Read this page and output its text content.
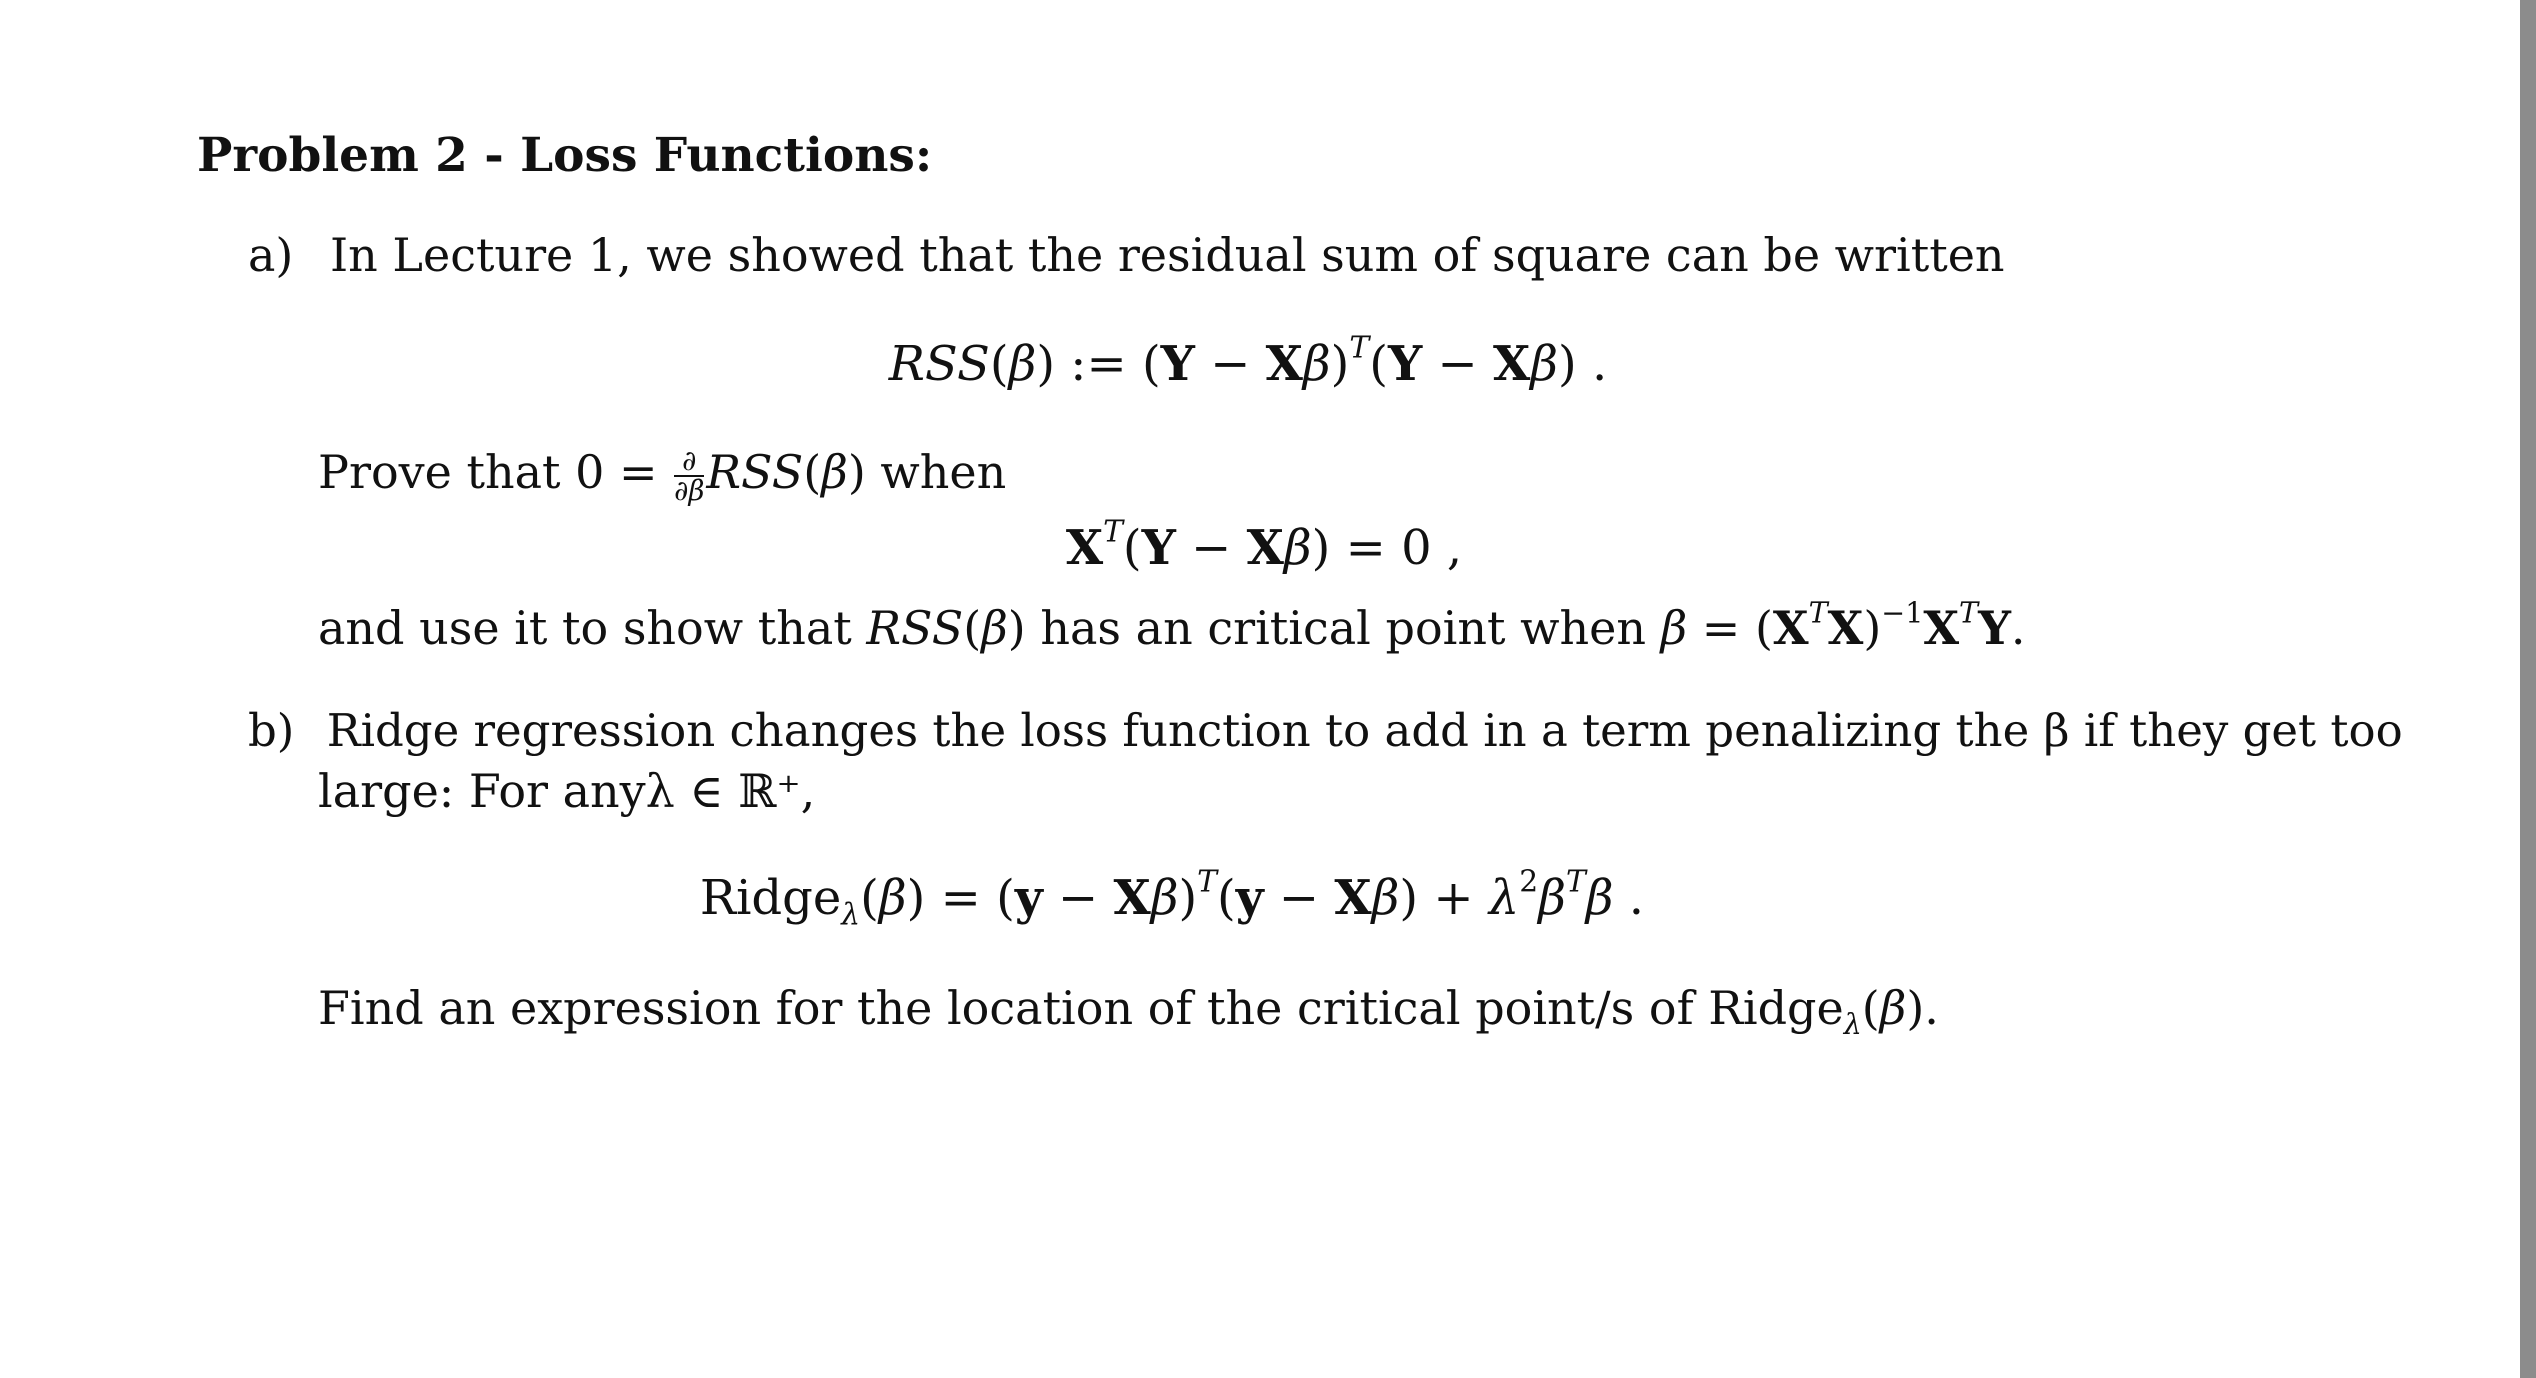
Problem 2 - Loss Functions:
a) In Lecture 1, we showed that the residual sum of square can be written
RSS(β) := $(Y - X\beta)^T(Y - X\beta)$ .
Prove that $0 = \frac{\partial}{\partial\beta} RSS(\beta)$ when
$X^T(Y - X\beta) = 0$ ,
and use it to show that RSS(β) has an critical point when $\beta = (X^TX)^{-1}X^TY$.
b) Ridge regression changes the loss function to add in a term penalizing the β if they get too
large: For anyλ ∈ ℝ⁺,
Ridge$_\lambda$(β) = $(y - X\beta)^T(y - X\beta) + \lambda^2\beta^T\beta$ .
Find an expression for the location of the critical point/s of Ridge$_\lambda$(β).
